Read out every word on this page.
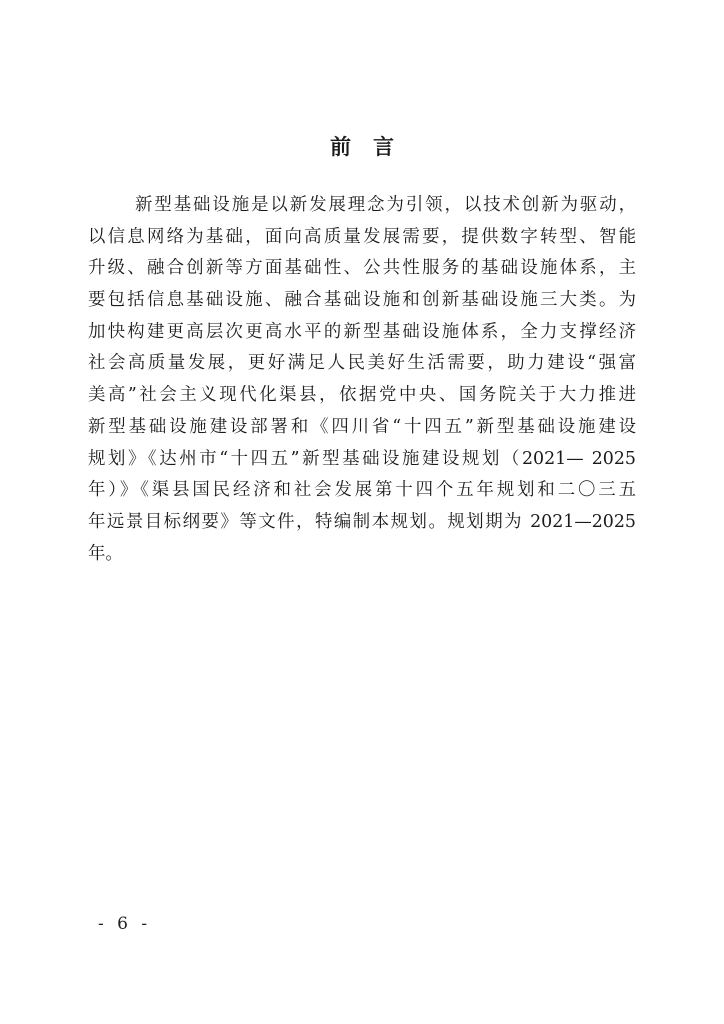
前言
新型基础设施是以新发展理念为引领，以技术创新为驱动，
以信息网络为基础，面向高质量发展需要，提供数字转型、智能
升级、融合创新等方面基础性、公共性服务的基础设施体系，主
要包括信息基础设施、融合基础设施和创新基础设施三大类。为
加快构建更高层次更高水平的新型基础设施体系，全力支撑经济
社会高质量发展，更好满足人民美好生活需要，助力建设“强富
美高”社会主义现代化渠县，依据党中央、国务院关于大力推进
新型基础设施建设部署和《四川省“十四五”新型基础设施建设
规划》《达州市“十四五”新型基础设施建设规划（2021— 2025
年）》《渠县国民经济和社会发展第十四个五年规划和二〇三五
年远景目标纲要》等文件，特编制本规划。规划期为 2021—2025
年。
- 6 -
